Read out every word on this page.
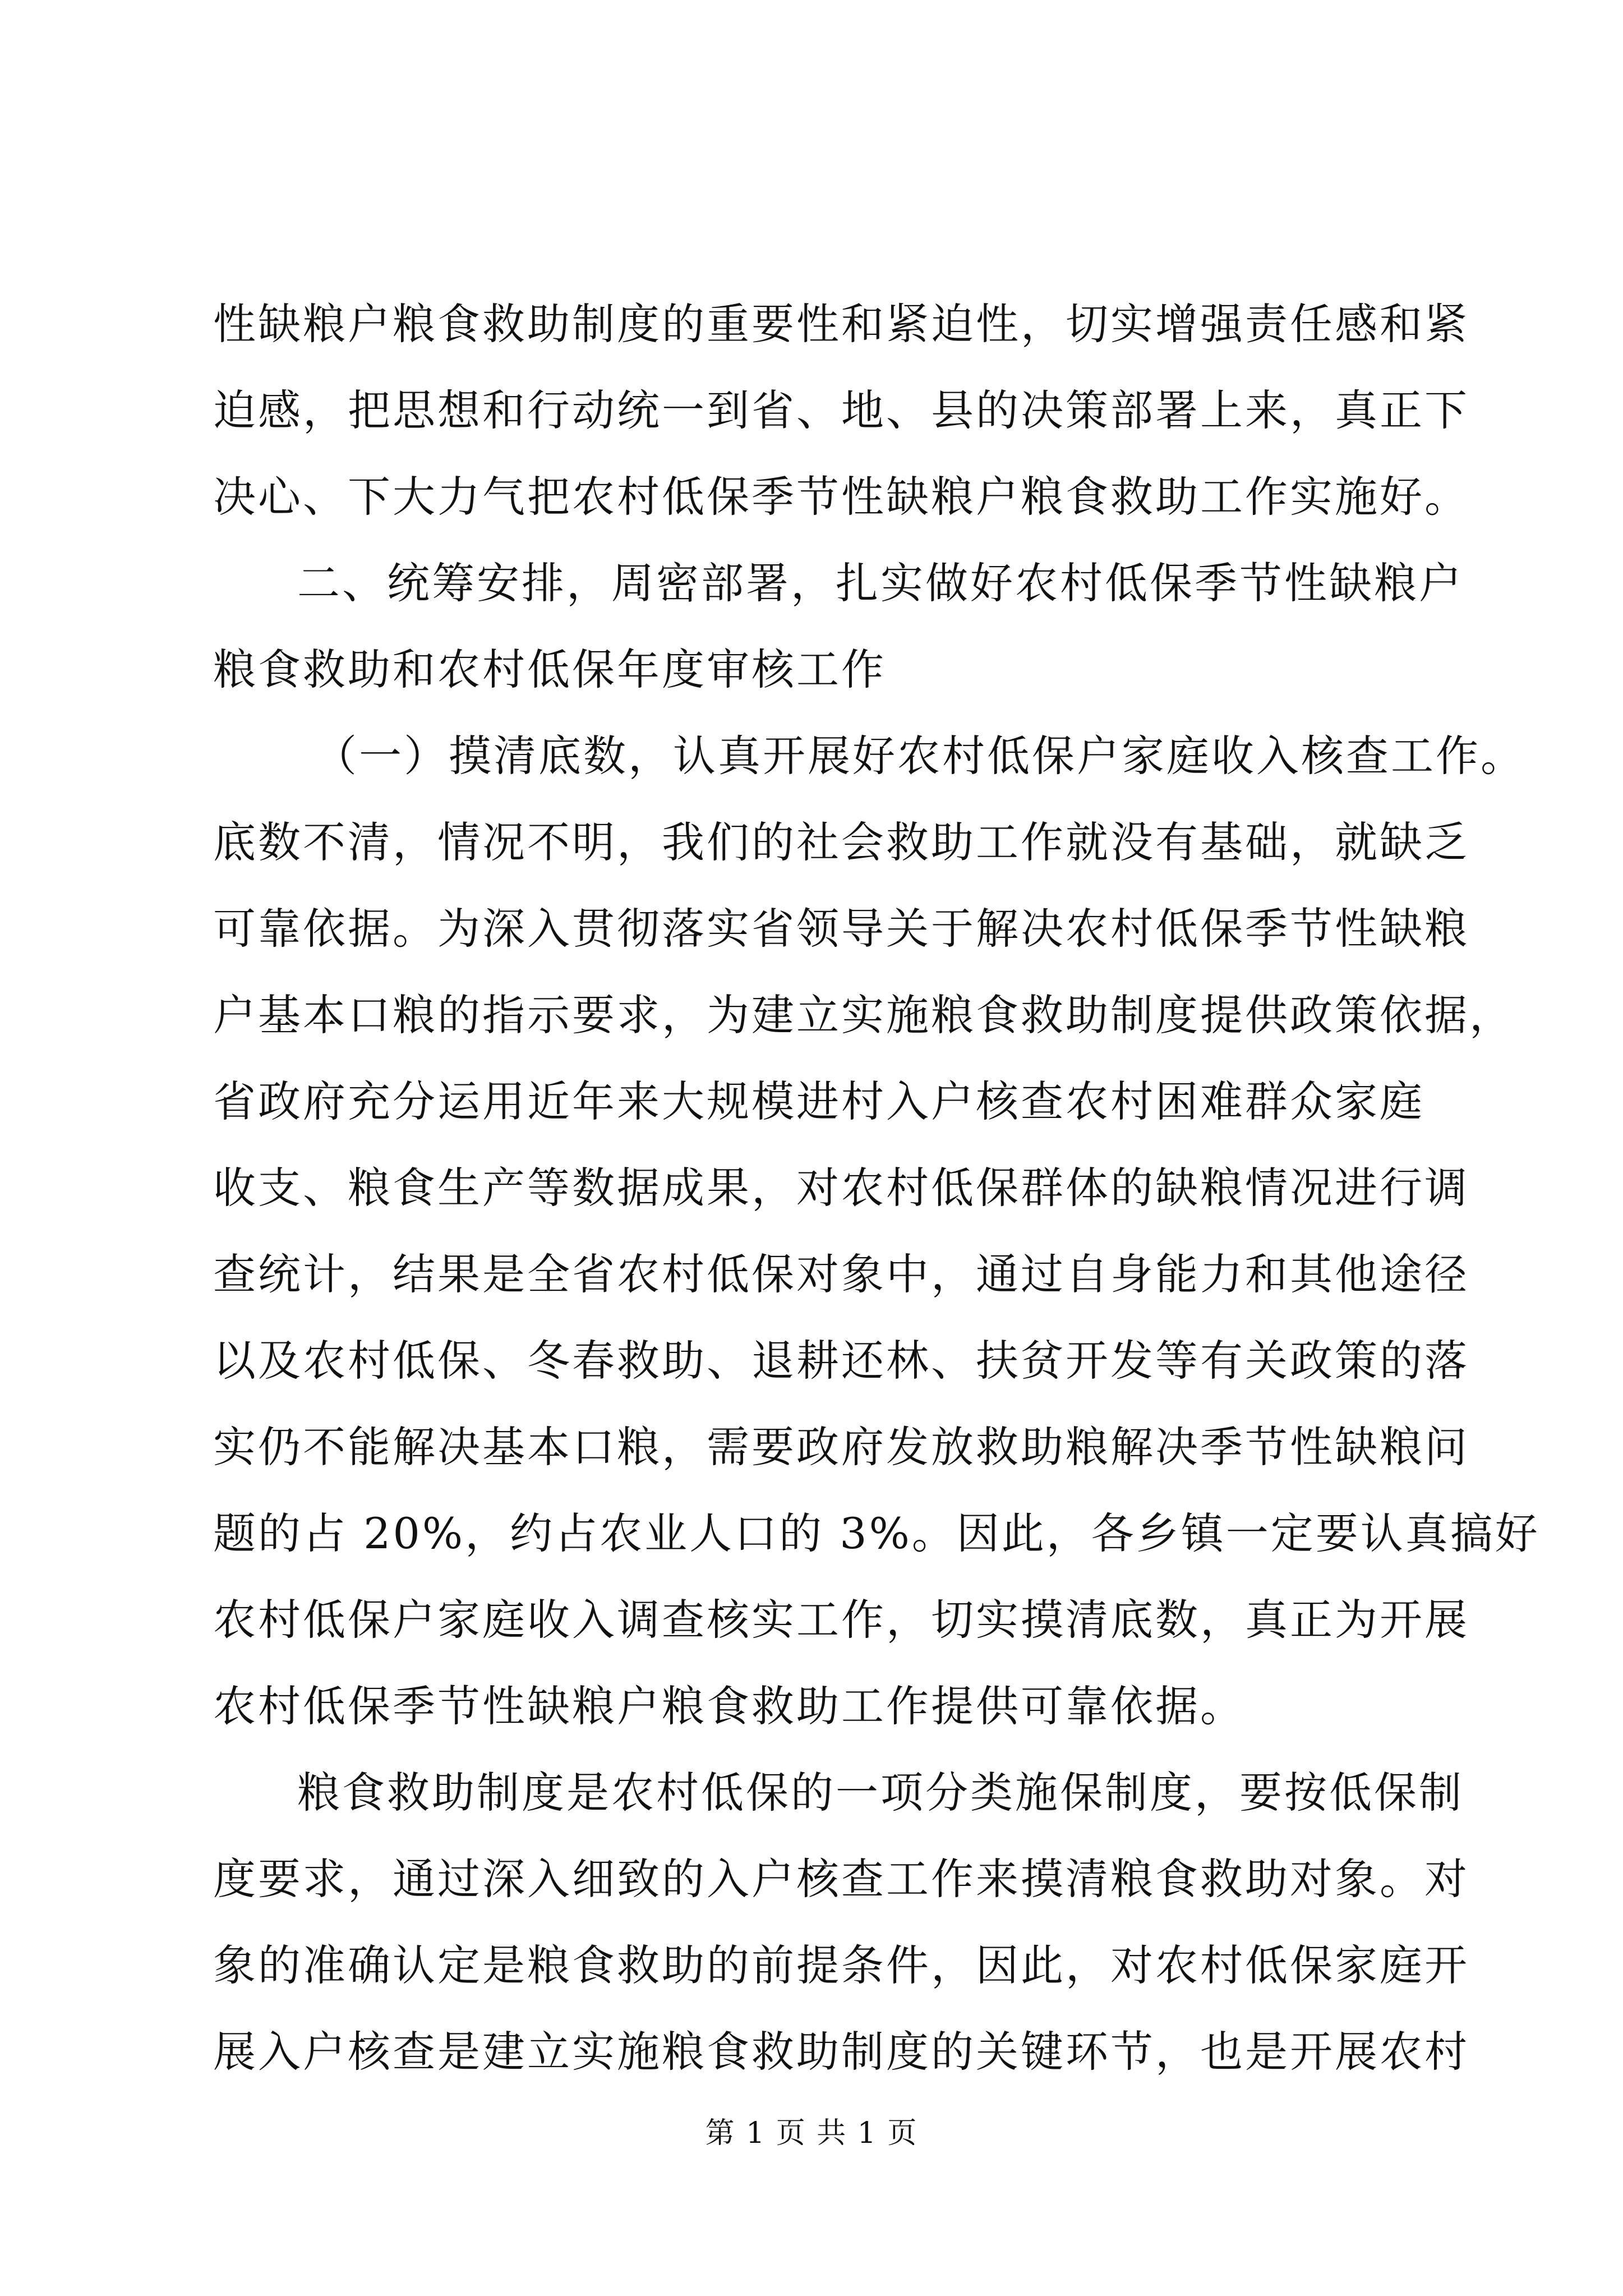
性缺粮户粮食救助制度的重要性和紧迫性，切实增强责任感和紧
迫感，把思想和行动统一到省、地、县的决策部署上来，真正下
决心、下大力气把农村低保季节性缺粮户粮食救助工作实施好。
二、统筹安排，周密部署，扎实做好农村低保季节性缺粮户
粮食救助和农村低保年度审核工作
（一）摸清底数，认真开展好农村低保户家庭收入核查工作。
底数不清，情况不明，我们的社会救助工作就没有基础，就缺乏
可靠依据。为深入贯彻落实省领导关于解决农村低保季节性缺粮
户基本口粮的指示要求，为建立实施粮食救助制度提供政策依据，
省政府充分运用近年来大规模进村入户核查农村困难群众家庭
收支、粮食生产等数据成果，对农村低保群体的缺粮情况进行调
查统计，结果是全省农村低保对象中，通过自身能力和其他途径
以及农村低保、冬春救助、退耕还林、扶贫开发等有关政策的落
实仍不能解决基本口粮，需要政府发放救助粮解决季节性缺粮问
题的占 20%，约占农业人口的 3%。因此，各乡镇一定要认真搞好
农村低保户家庭收入调查核实工作，切实摸清底数，真正为开展
农村低保季节性缺粮户粮食救助工作提供可靠依据。
粮食救助制度是农村低保的一项分类施保制度，要按低保制
度要求，通过深入细致的入户核查工作来摸清粮食救助对象。对
象的准确认定是粮食救助的前提条件，因此，对农村低保家庭开
展入户核查是建立实施粮食救助制度的关键环节，也是开展农村
第 1 页 共 1 页
